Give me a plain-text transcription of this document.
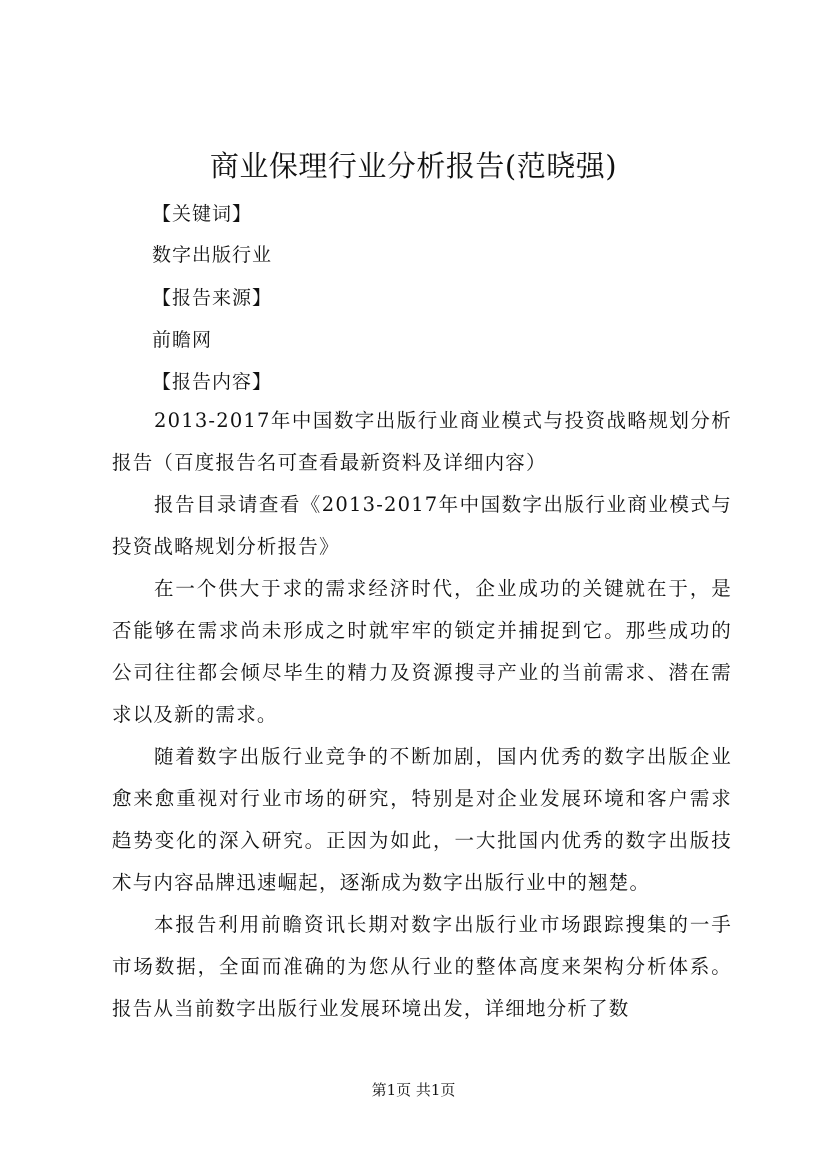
商业保理行业分析报告(范晓强)
【关键词】
数字出版行业
【报告来源】
前瞻网
【报告内容】
2013-2017年中国数字出版行业商业模式与投资战略规划分析报告（百度报告名可查看最新资料及详细内容）
报告目录请查看《2013-2017年中国数字出版行业商业模式与投资战略规划分析报告》
在一个供大于求的需求经济时代，企业成功的关键就在于，是否能够在需求尚未形成之时就牢牢的锁定并捕捉到它。那些成功的公司往往都会倾尽毕生的精力及资源搜寻产业的当前需求、潜在需求以及新的需求。
随着数字出版行业竞争的不断加剧，国内优秀的数字出版企业愈来愈重视对行业市场的研究，特别是对企业发展环境和客户需求趋势变化的深入研究。正因为如此，一大批国内优秀的数字出版技术与内容品牌迅速崛起，逐渐成为数字出版行业中的翘楚。
本报告利用前瞻资讯长期对数字出版行业市场跟踪搜集的一手市场数据，全面而准确的为您从行业的整体高度来架构分析体系。报告从当前数字出版行业发展环境出发，详细地分析了数
第1页 共1页
